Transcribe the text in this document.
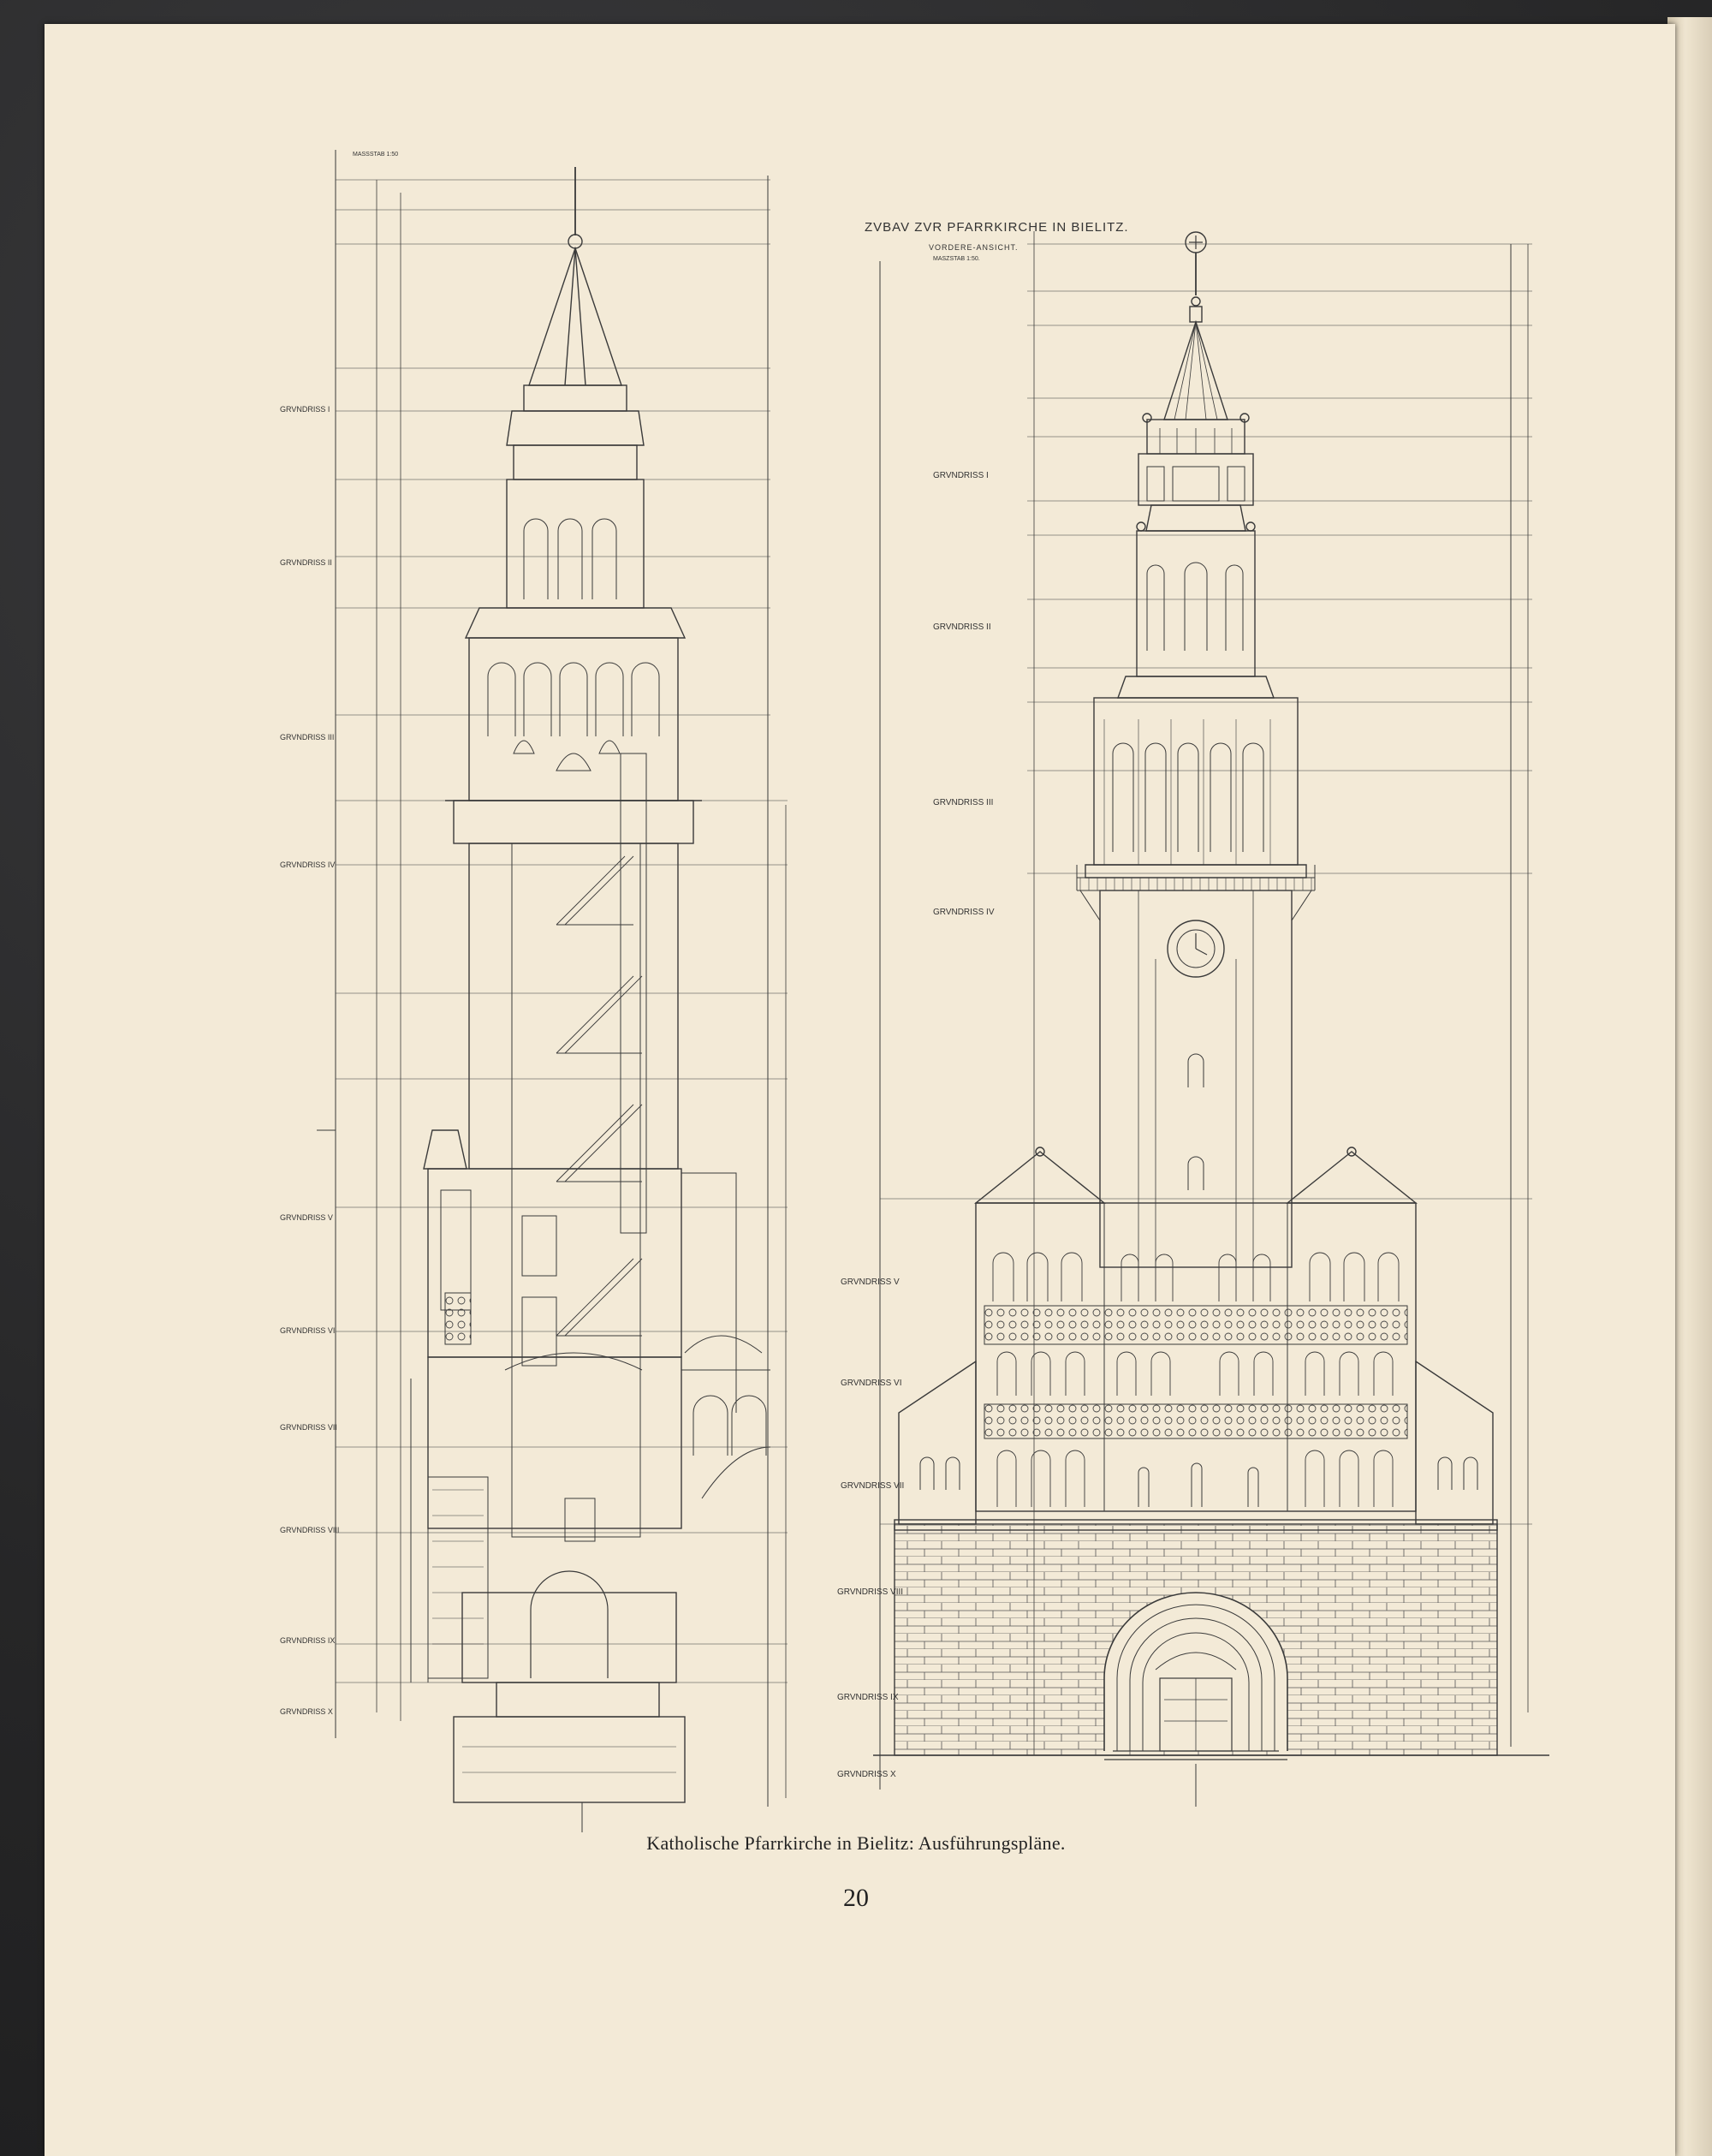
MASSSTAB 1:50
GRVNDRISS I
GRVNDRISS II
GRVNDRISS III
GRVNDRISS IV
GRVNDRISS V
GRVNDRISS VI
GRVNDRISS VII
GRVNDRISS VIII
GRVNDRISS IX
GRVNDRISS X
ZVBAV ZVR PFARRKIRCHE IN BIELITZ.
VORDERE-ANSICHT.
MASZSTAB 1:50.
GRVNDRISS I
GRVNDRISS II
GRVNDRISS III
GRVNDRISS IV
GRVNDRISS V
GRVNDRISS VI
GRVNDRISS VII
GRVNDRISS VIII
GRVNDRISS IX
GRVNDRISS X
Katholische Pfarrkirche in Bielitz: Ausführungspläne.
20
